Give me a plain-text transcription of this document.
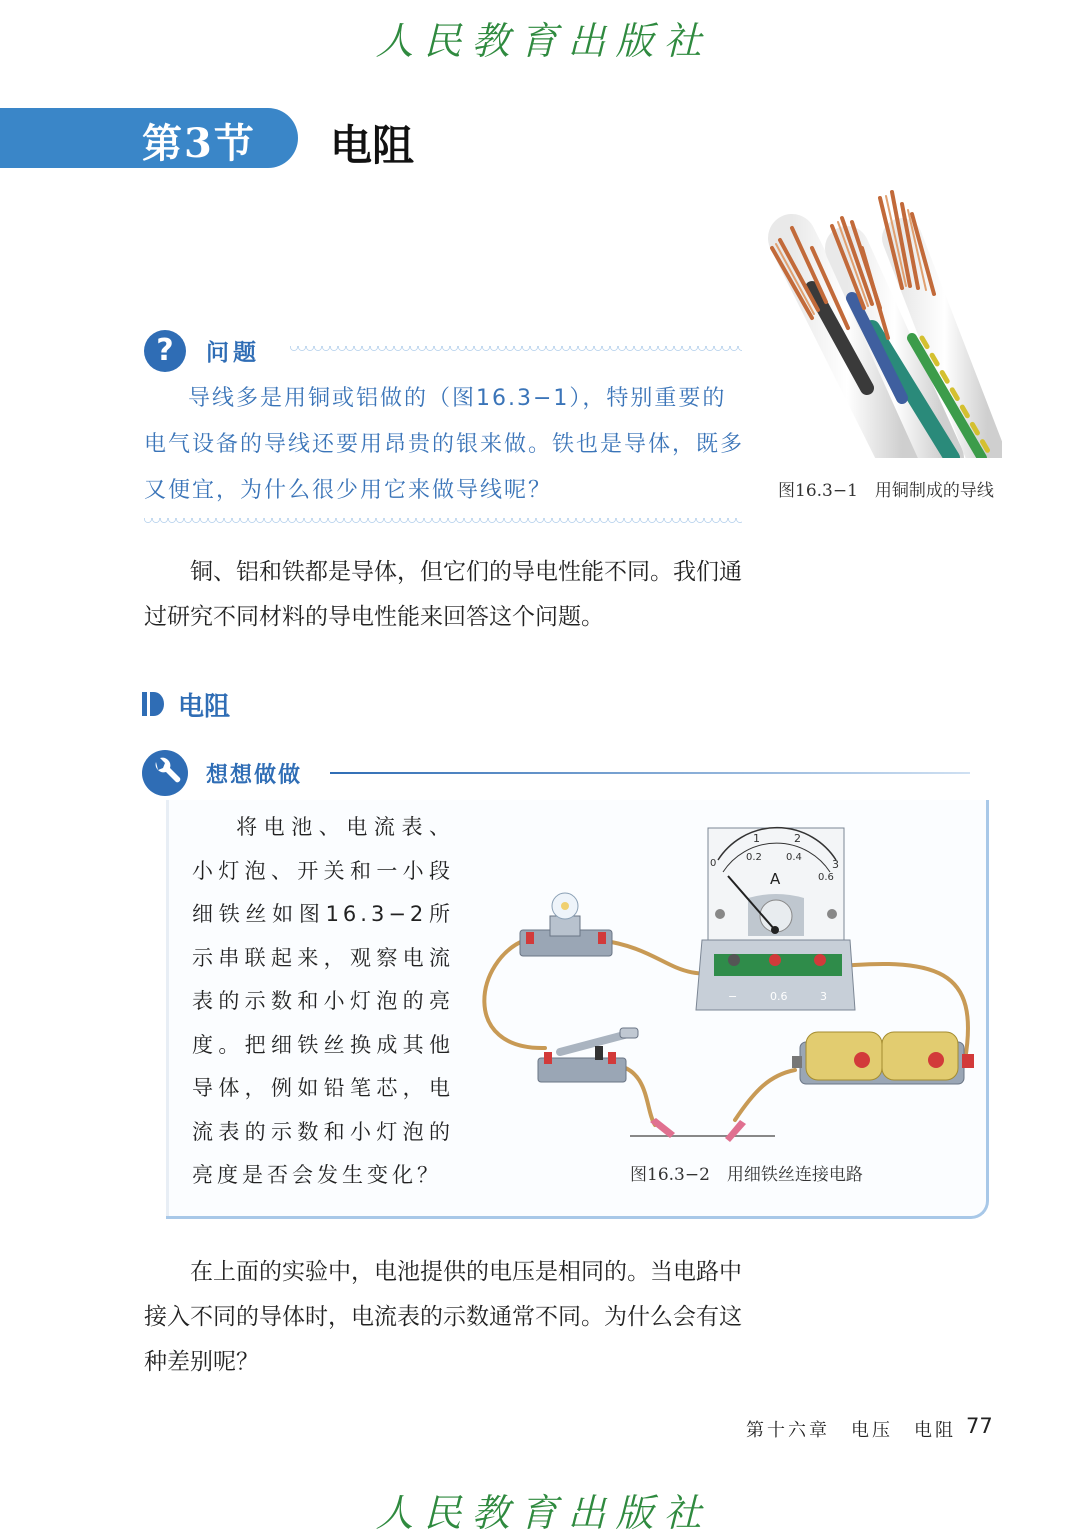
人民教育出版社
第3节 电阻
图16.3−1　用铜制成的导线
?	问题
导线多是用铜或铝做的（图16.3−1），特别重要的电气设备的导线还要用昂贵的银来做。铁也是导体，既多又便宜，为什么很少用它来做导线呢？
铜、铝和铁都是导体，但它们的导电性能不同。我们通过研究不同材料的导电性能来回答这个问题。
电阻
想想做做
将电池、电流表、小灯泡、开关和一小段细铁丝如图16.3−2所示串联起来，观察电流表的示数和小灯泡的亮度。把细铁丝换成其他导体，例如铅笔芯，电流表的示数和小灯泡的亮度是否会发生变化？
1	2
3
0
0.2 0.4
0.6
A
−	0.6	3
图16.3−2　用细铁丝连接电路
在上面的实验中，电池提供的电压是相同的。当电路中接入不同的导体时，电流表的示数通常不同。为什么会有这种差别呢？
第十六章　电压　电阻 77
人民教育出版社
